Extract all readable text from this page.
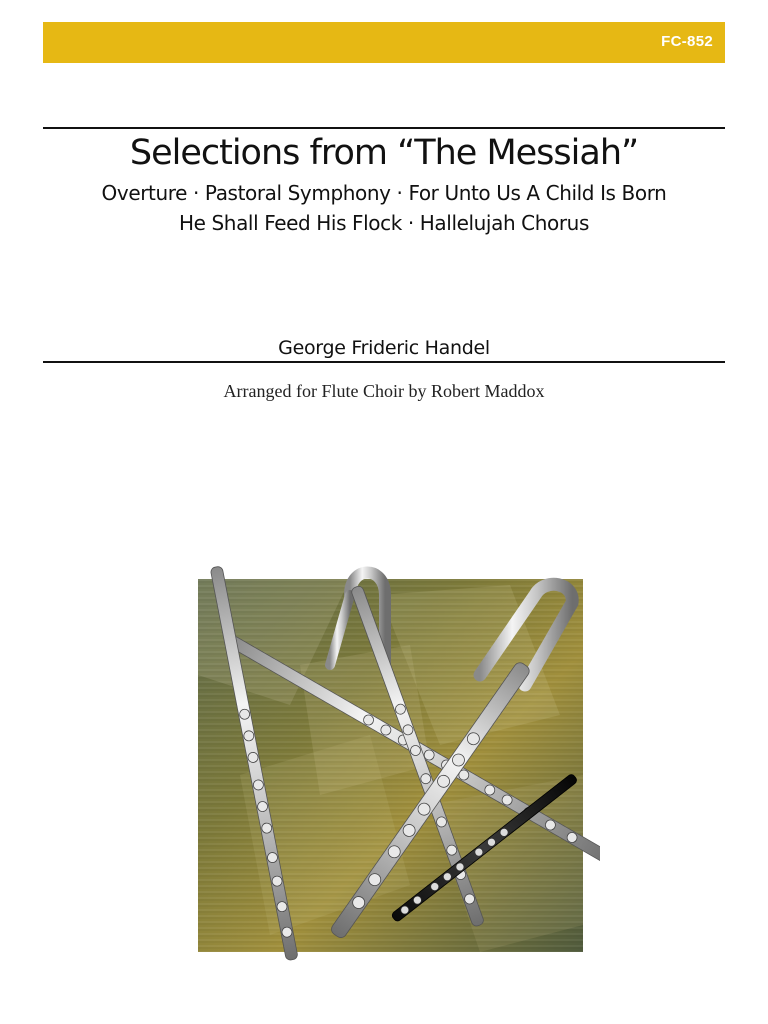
FC-852
Selections from “The Messiah”
Overture · Pastoral Symphony · For Unto Us A Child Is Born
He Shall Feed His Flock · Hallelujah Chorus
George Frideric Handel
Arranged for Flute Choir by Robert Maddox
